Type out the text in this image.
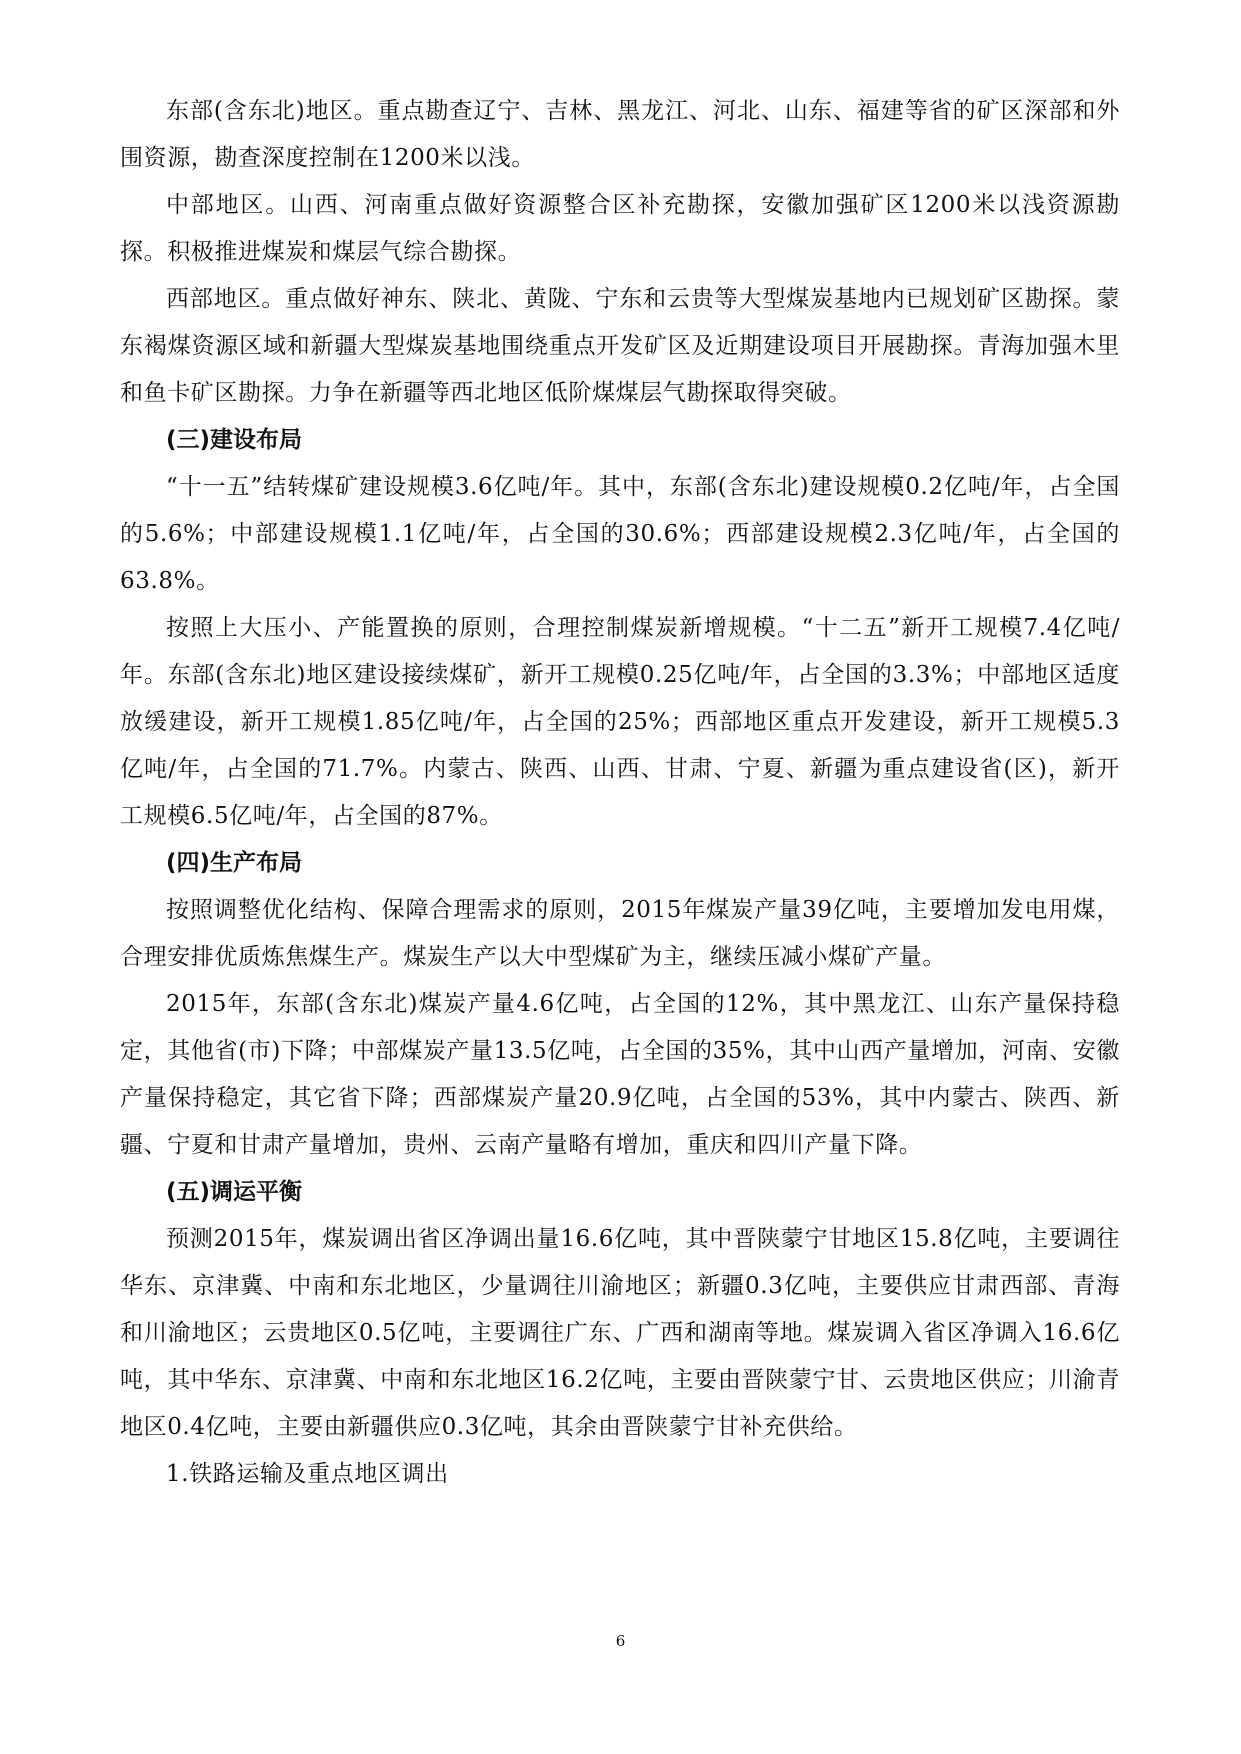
东部(含东北)地区。重点勘查辽宁、吉林、黑龙江、河北、山东、福建等省的矿区深部和外围资源，勘查深度控制在1200米以浅。

中部地区。山西、河南重点做好资源整合区补充勘探，安徽加强矿区1200米以浅资源勘探。积极推进煤炭和煤层气综合勘探。

西部地区。重点做好神东、陕北、黄陇、宁东和云贵等大型煤炭基地内已规划矿区勘探。蒙东褐煤资源区域和新疆大型煤炭基地围绕重点开发矿区及近期建设项目开展勘探。青海加强木里和鱼卡矿区勘探。力争在新疆等西北地区低阶煤煤层气勘探取得突破。

(三)建设布局

“十一五”结转煤矿建设规模3.6亿吨/年。其中，东部(含东北)建设规模0.2亿吨/年，占全国的5.6%；中部建设规模1.1亿吨/年，占全国的30.6%；西部建设规模2.3亿吨/年，占全国的63.8%。

按照上大压小、产能置换的原则，合理控制煤炭新增规模。“十二五”新开工规模7.4亿吨/年。东部(含东北)地区建设接续煤矿，新开工规模0.25亿吨/年，占全国的3.3%；中部地区适度放缓建设，新开工规模1.85亿吨/年，占全国的25%；西部地区重点开发建设，新开工规模5.3亿吨/年，占全国的71.7%。内蒙古、陕西、山西、甘肃、宁夏、新疆为重点建设省(区)，新开工规模6.5亿吨/年，占全国的87%。

(四)生产布局

按照调整优化结构、保障合理需求的原则，2015年煤炭产量39亿吨，主要增加发电用煤，合理安排优质炼焦煤生产。煤炭生产以大中型煤矿为主，继续压减小煤矿产量。

2015年，东部(含东北)煤炭产量4.6亿吨，占全国的12%，其中黑龙江、山东产量保持稳定，其他省(市)下降；中部煤炭产量13.5亿吨，占全国的35%，其中山西产量增加，河南、安徽产量保持稳定，其它省下降；西部煤炭产量20.9亿吨，占全国的53%，其中内蒙古、陕西、新疆、宁夏和甘肃产量增加，贵州、云南产量略有增加，重庆和四川产量下降。

(五)调运平衡

预测2015年，煤炭调出省区净调出量16.6亿吨，其中晋陕蒙宁甘地区15.8亿吨，主要调往华东、京津冀、中南和东北地区，少量调往川渝地区；新疆0.3亿吨，主要供应甘肃西部、青海和川渝地区；云贵地区0.5亿吨，主要调往广东、广西和湖南等地。煤炭调入省区净调入16.6亿吨，其中华东、京津冀、中南和东北地区16.2亿吨，主要由晋陕蒙宁甘、云贵地区供应；川渝青地区0.4亿吨，主要由新疆供应0.3亿吨，其余由晋陕蒙宁甘补充供给。

1.铁路运输及重点地区调出

6
